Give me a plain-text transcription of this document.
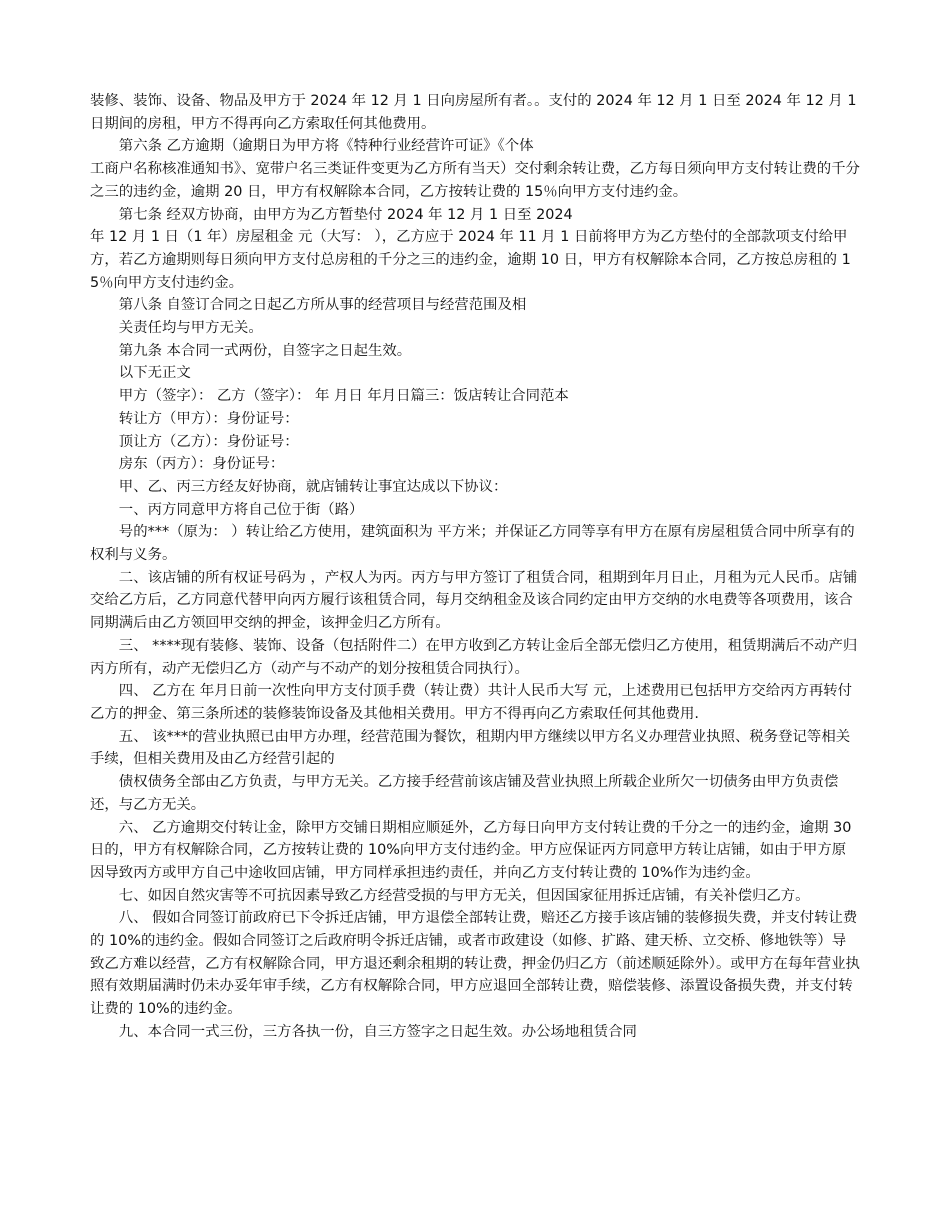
装修、装饰、设备、物品及甲方于 2024 年 12 月 1 日向房屋所有者。。支付的 2024 年 12 月 1 日至 2024 年 12 月 1 日期间的房租，甲方不得再向乙方索取任何其他费用。

第六条 乙方逾期（逾期日为甲方将《特种行业经营许可证》《个体

工商户名称核准通知书》、宽带户名三类证件变更为乙方所有当天）交付剩余转让费，乙方每日须向甲方支付转让费的千分之三的违约金，逾期 20 日，甲方有权解除本合同，乙方按转让费的 15％向甲方支付违约金。

第七条 经双方协商，由甲方为乙方暂垫付 2024 年 12 月 1 日至 2024

年 12 月 1 日（1 年）房屋租金 元（大写： ），乙方应于 2024 年 11 月 1 日前将甲方为乙方垫付的全部款项支付给甲方，若乙方逾期则每日须向甲方支付总房租的千分之三的违约金，逾期 10 日，甲方有权解除本合同，乙方按总房租的 15％向甲方支付违约金。

第八条 自签订合同之日起乙方所从事的经营项目与经营范围及相

关责任均与甲方无关。

第九条 本合同一式两份，自签字之日起生效。

以下无正文

甲方（签字）： 乙方（签字）： 年 月日 年月日篇三：饭店转让合同范本

转让方（甲方）：身份证号：

顶让方（乙方）：身份证号：

房东（丙方）：身份证号：

甲、乙、丙三方经友好协商，就店铺转让事宜达成以下协议：

一、丙方同意甲方将自己位于街（路）

号的***（原为： ）转让给乙方使用，建筑面积为 平方米；并保证乙方同等享有甲方在原有房屋租赁合同中所享有的权利与义务。

二、该店铺的所有权证号码为 ，产权人为丙。丙方与甲方签订了租赁合同，租期到年月日止，月租为元人民币。店铺交给乙方后，乙方同意代替甲向丙方履行该租赁合同，每月交纳租金及该合同约定由甲方交纳的水电费等各项费用，该合同期满后由乙方领回甲交纳的押金，该押金归乙方所有。

三、 ****现有装修、装饰、设备（包括附件二）在甲方收到乙方转让金后全部无偿归乙方使用，租赁期满后不动产归丙方所有，动产无偿归乙方（动产与不动产的划分按租赁合同执行）。

四、 乙方在 年月日前一次性向甲方支付顶手费（转让费）共计人民币大写 元，上述费用已包括甲方交给丙方再转付乙方的押金、第三条所述的装修装饰设备及其他相关费用。甲方不得再向乙方索取任何其他费用.

五、 该***的营业执照已由甲方办理，经营范围为餐饮，租期内甲方继续以甲方名义办理营业执照、税务登记等相关手续，但相关费用及由乙方经营引起的

债权债务全部由乙方负责，与甲方无关。乙方接手经营前该店铺及营业执照上所载企业所欠一切债务由甲方负责偿还，与乙方无关。

六、 乙方逾期交付转让金，除甲方交铺日期相应顺延外，乙方每日向甲方支付转让费的千分之一的违约金，逾期 30 日的，甲方有权解除合同，乙方按转让费的 10%向甲方支付违约金。甲方应保证丙方同意甲方转让店铺，如由于甲方原因导致丙方或甲方自己中途收回店铺，甲方同样承担违约责任，并向乙方支付转让费的 10%作为违约金。

七、如因自然灾害等不可抗因素导致乙方经营受损的与甲方无关，但因国家征用拆迁店铺，有关补偿归乙方。

八、 假如合同签订前政府已下令拆迁店铺，甲方退偿全部转让费，赔还乙方接手该店铺的装修损失费，并支付转让费的 10%的违约金。假如合同签订之后政府明令拆迁店铺，或者市政建设（如修、扩路、建天桥、立交桥、修地铁等）导致乙方难以经营，乙方有权解除合同，甲方退还剩余租期的转让费，押金仍归乙方（前述顺延除外）。或甲方在每年营业执照有效期届满时仍未办妥年审手续，乙方有权解除合同，甲方应退回全部转让费，赔偿装修、添置设备损失费，并支付转让费的 10%的违约金。

九、本合同一式三份，三方各执一份，自三方签字之日起生效。办公场地租赁合同
